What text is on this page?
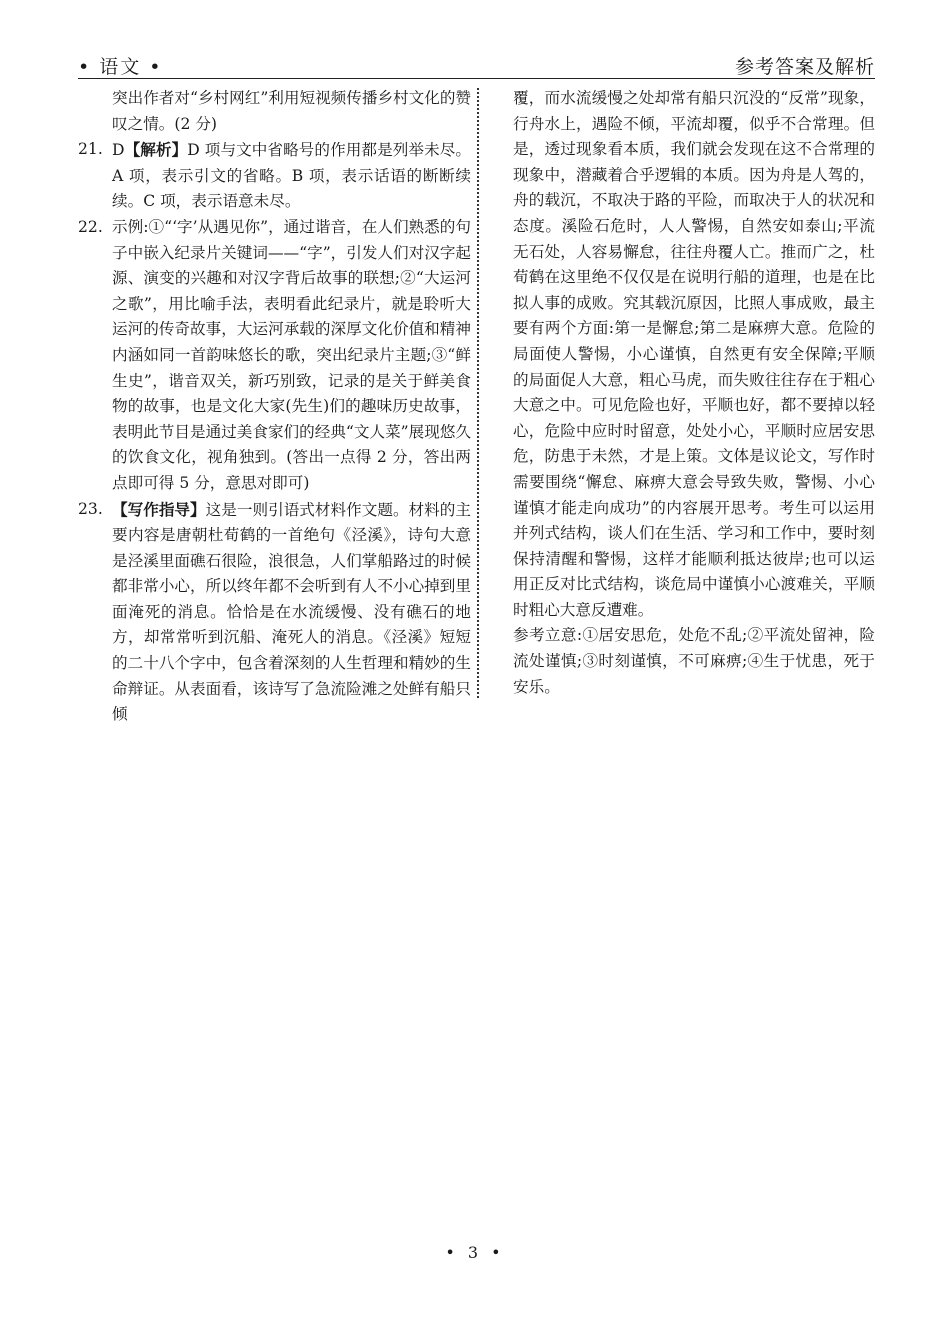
• 语文 •	参考答案及解析
突出作者对“乡村网红”利用短视频传播乡村文化的赞叹之情。(2 分)
21. D【解析】D 项与文中省略号的作用都是列举未尽。A 项，表示引文的省略。B 项，表示话语的断断续续。C 项，表示语意未尽。
22. 示例:①“‘字’从遇见你”，通过谐音，在人们熟悉的句子中嵌入纪录片关键词——“字”，引发人们对汉字起源、演变的兴趣和对汉字背后故事的联想;②“大运河之歌”，用比喻手法，表明看此纪录片，就是聆听大运河的传奇故事，大运河承载的深厚文化价值和精神内涵如同一首韵味悠长的歌，突出纪录片主题;③“鲜生史”，谐音双关，新巧别致，记录的是关于鲜美食物的故事，也是文化大家(先生)们的趣味历史故事，表明此节目是通过美食家们的经典“文人菜”展现悠久的饮食文化，视角独到。(答出一点得 2 分，答出两点即可得 5 分，意思对即可)
23. 【写作指导】这是一则引语式材料作文题。材料的主要内容是唐朝杜荀鹤的一首绝句《泾溪》，诗句大意是泾溪里面礁石很险，浪很急，人们掌船路过的时候都非常小心，所以终年都不会听到有人不小心掉到里面淹死的消息。恰恰是在水流缓慢、没有礁石的地方，却常常听到沉船、淹死人的消息。《泾溪》短短的二十八个字中，包含着深刻的人生哲理和精妙的生命辩证。从表面看，该诗写了急流险滩之处鲜有船只倾
覆，而水流缓慢之处却常有船只沉没的“反常”现象，行舟水上，遇险不倾，平流却覆，似乎不合常理。但是，透过现象看本质，我们就会发现在这不合常理的现象中，潜藏着合乎逻辑的本质。因为舟是人驾的，舟的载沉，不取决于路的平险，而取决于人的状况和态度。溪险石危时，人人警惕，自然安如泰山;平流无石处，人容易懈怠，往往舟覆人亡。推而广之，杜荀鹤在这里绝不仅仅是在说明行船的道理，也是在比拟人事的成败。究其载沉原因，比照人事成败，最主要有两个方面:第一是懈怠;第二是麻痹大意。危险的局面使人警惕，小心谨慎，自然更有安全保障;平顺的局面促人大意，粗心马虎，而失败往往存在于粗心大意之中。可见危险也好，平顺也好，都不要掉以轻心，危险中应时时留意，处处小心，平顺时应居安思危，防患于未然，才是上策。文体是议论文，写作时需要围绕“懈怠、麻痹大意会导致失败，警惕、小心谨慎才能走向成功”的内容展开思考。考生可以运用并列式结构，谈人们在生活、学习和工作中，要时刻保持清醒和警惕，这样才能顺利抵达彼岸;也可以运用正反对比式结构，谈危局中谨慎小心渡难关，平顺时粗心大意反遭难。
参考立意:①居安思危，处危不乱;②平流处留神，险流处谨慎;③时刻谨慎，不可麻痹;④生于忧患，死于安乐。
• 3 •
